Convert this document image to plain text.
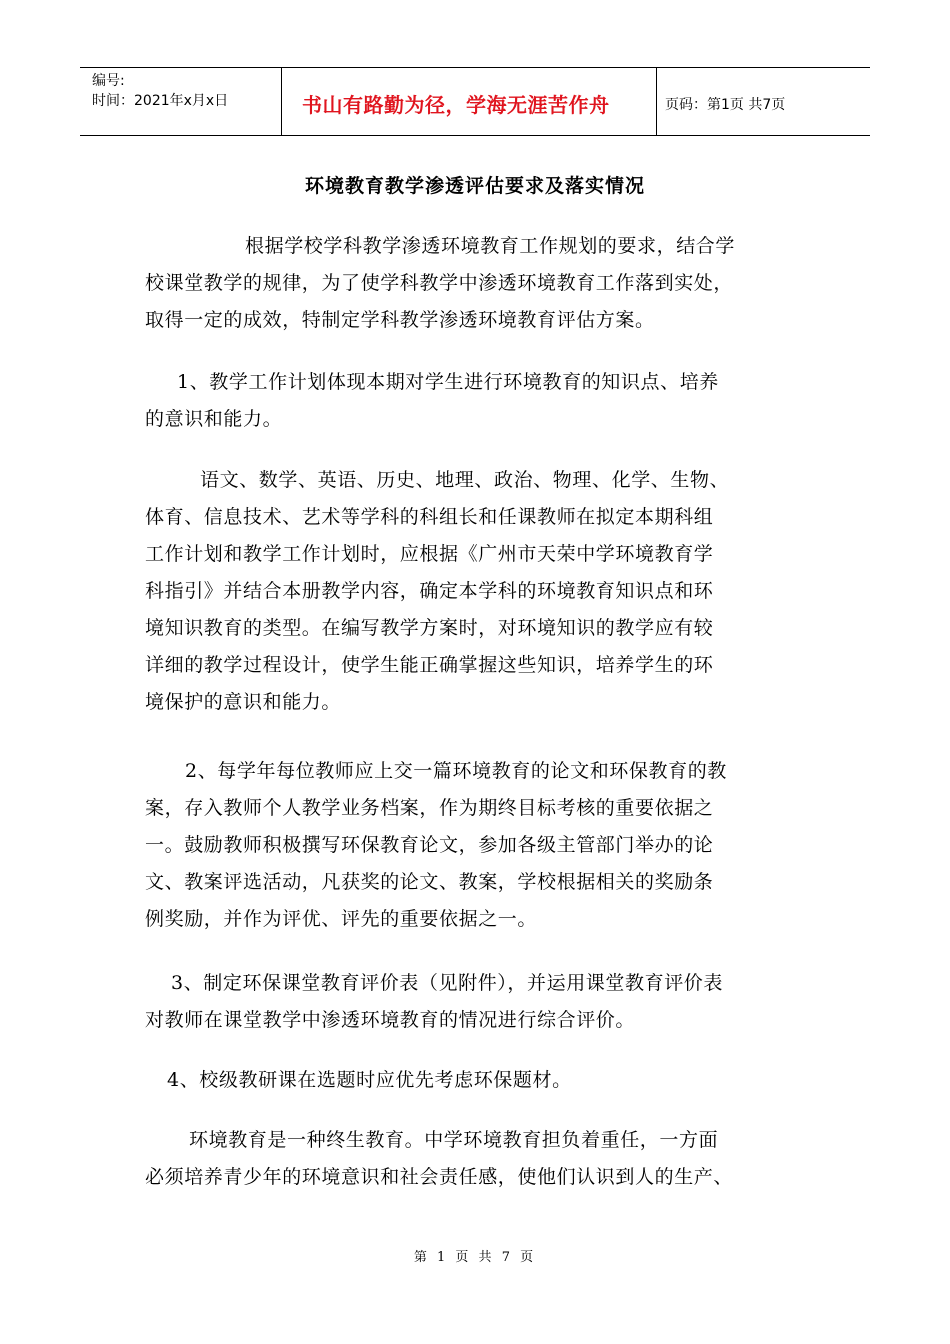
编号:
时间：2021年x月x日	书山有路勤为径，学海无涯苦作舟	页码：第1页 共7页
环境教育教学渗透评估要求及落实情况
根据学校学科教学渗透环境教育工作规划的要求，结合学
校课堂教学的规律，为了使学科教学中渗透环境教育工作落到实处，
取得一定的成效，特制定学科教学渗透环境教育评估方案。
1、教学工作计划体现本期对学生进行环境教育的知识点、培养
的意识和能力。
语文、数学、英语、历史、地理、政治、物理、化学、生物、
体育、信息技术、艺术等学科的科组长和任课教师在拟定本期科组
工作计划和教学工作计划时，应根据《广州市天荣中学环境教育学
科指引》并结合本册教学内容，确定本学科的环境教育知识点和环
境知识教育的类型。在编写教学方案时，对环境知识的教学应有较
详细的教学过程设计，使学生能正确掌握这些知识，培养学生的环
境保护的意识和能力。
2、每学年每位教师应上交一篇环境教育的论文和环保教育的教
案，存入教师个人教学业务档案，作为期终目标考核的重要依据之
一。鼓励教师积极撰写环保教育论文，参加各级主管部门举办的论
文、教案评选活动，凡获奖的论文、教案，学校根据相关的奖励条
例奖励，并作为评优、评先的重要依据之一。
3、制定环保课堂教育评价表（见附件），并运用课堂教育评价表
对教师在课堂教学中渗透环境教育的情况进行综合评价。
4、校级教研课在选题时应优先考虑环保题材。
环境教育是一种终生教育。中学环境教育担负着重任，一方面
必须培养青少年的环境意识和社会责任感，使他们认识到人的生产、
第 1 页 共 7 页
